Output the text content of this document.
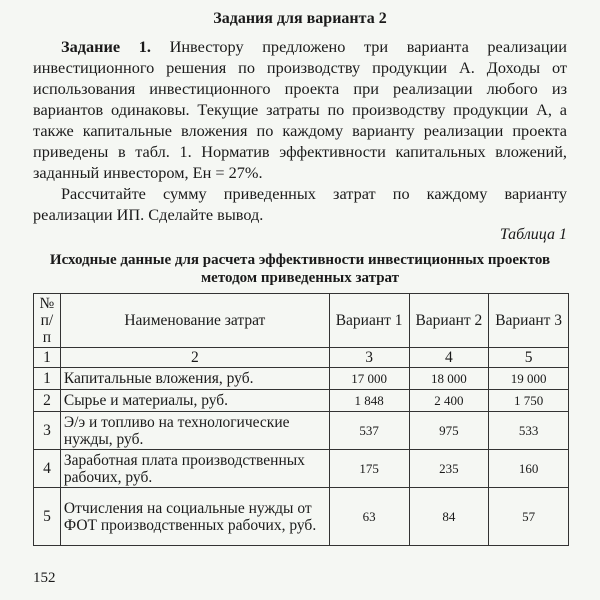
Задания для варианта 2
Задание 1. Инвестору предложено три варианта реализации инвестиционного решения по производству продукции А. Доходы от использования инвестиционного проекта при реализации любого из вариантов одинаковы. Текущие затраты по производству продукции А, а также капитальные вложения по каждому варианту реализации проекта приведены в табл. 1. Норматив эффективности капитальных вложений, заданный инвестором, Ен = 27%.
Рассчитайте сумму приведенных затрат по каждому варианту реализации ИП. Сделайте вывод.
Таблица 1
Исходные данные для расчета эффективности инвестиционных проектов методом приведенных затрат
№ п/п	Наименование затрат	Вариант 1	Вариант 2	Вариант 3
1	2	3	4	5
1	Капитальные вложения, руб.	17 000	18 000	19 000
2	Сырье и материалы, руб.	1 848	2 400	1 750
3	Э/э и топливо на технологические нужды, руб.	537	975	533
4	Заработная плата производственных рабочих, руб.	175	235	160
5	Отчисления на социальные нужды от ФОТ производственных рабочих, руб.	63	84	57
152
